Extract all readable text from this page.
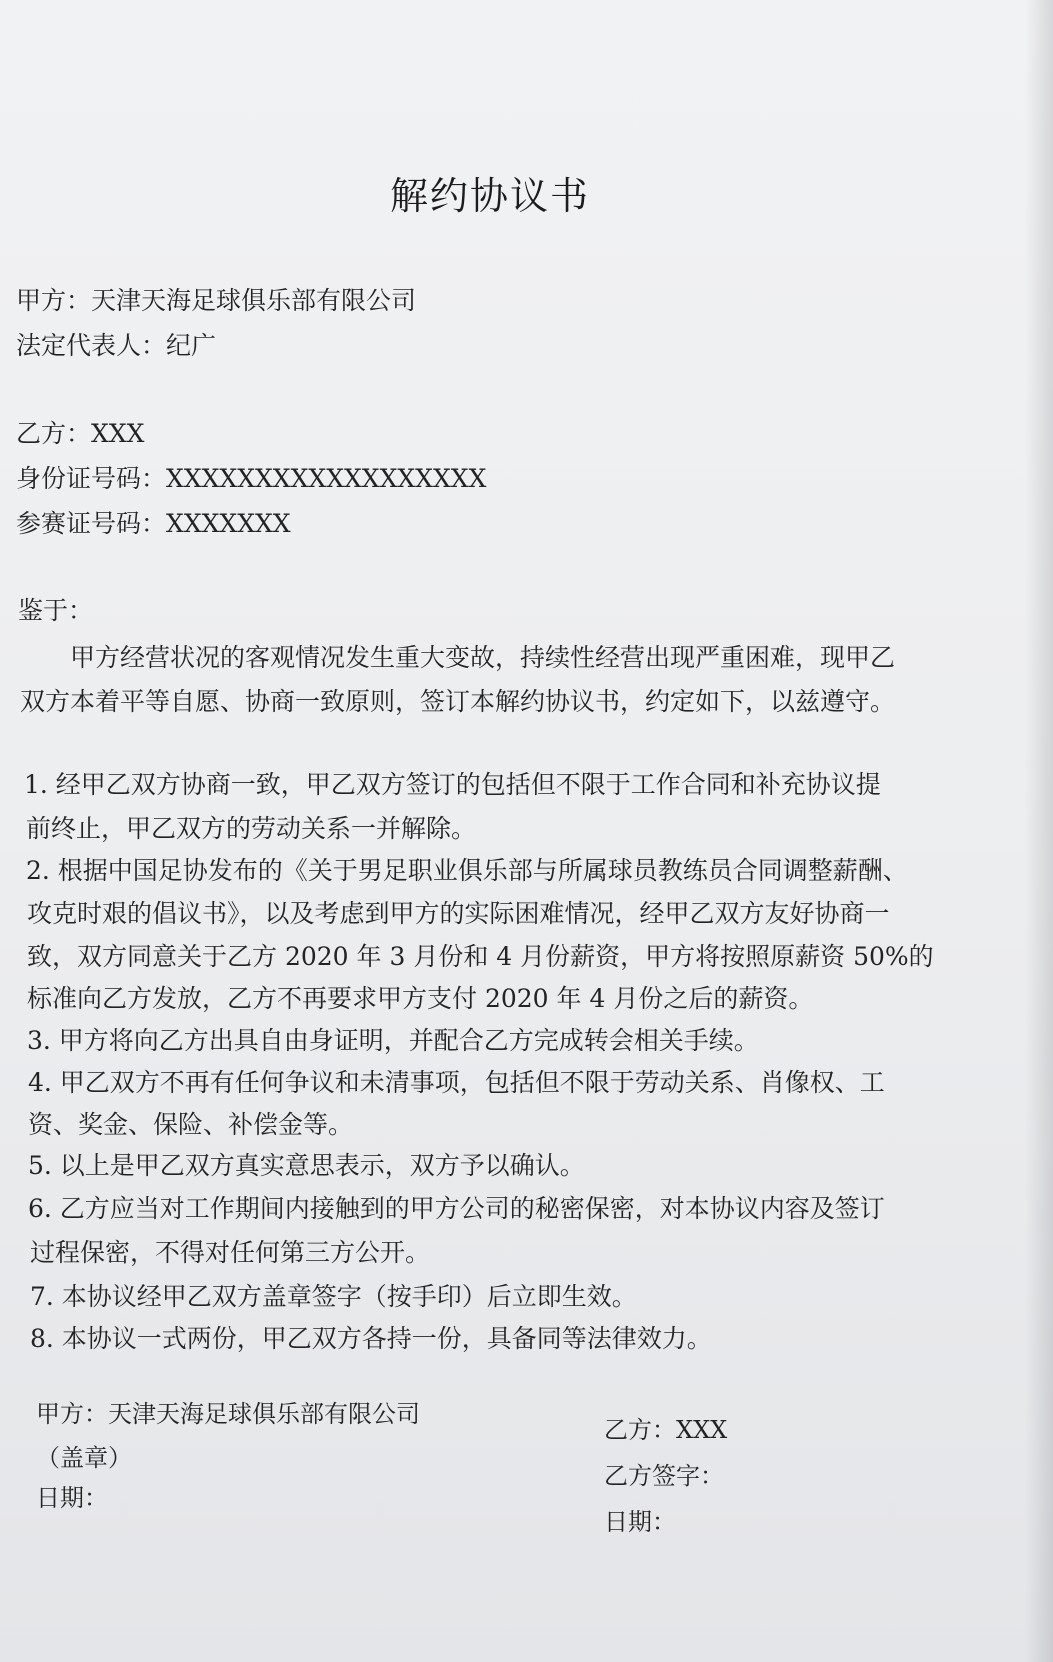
解约协议书
甲方：天津天海足球俱乐部有限公司
法定代表人：纪广
乙方：XXX
身份证号码：XXXXXXXXXXXXXXXXXX
参赛证号码：XXXXXXX
鉴于：
甲方经营状况的客观情况发生重大变故，持续性经营出现严重困难，现甲乙
双方本着平等自愿、协商一致原则，签订本解约协议书，约定如下，以兹遵守。
1. 经甲乙双方协商一致，甲乙双方签订的包括但不限于工作合同和补充协议提
前终止，甲乙双方的劳动关系一并解除。
2. 根据中国足协发布的《关于男足职业俱乐部与所属球员教练员合同调整薪酬、
攻克时艰的倡议书》，以及考虑到甲方的实际困难情况，经甲乙双方友好协商一
致，双方同意关于乙方 2020 年 3 月份和 4 月份薪资，甲方将按照原薪资 50%的
标准向乙方发放，乙方不再要求甲方支付 2020 年 4 月份之后的薪资。
3. 甲方将向乙方出具自由身证明，并配合乙方完成转会相关手续。
4. 甲乙双方不再有任何争议和未清事项，包括但不限于劳动关系、肖像权、工
资、奖金、保险、补偿金等。
5. 以上是甲乙双方真实意思表示，双方予以确认。
6. 乙方应当对工作期间内接触到的甲方公司的秘密保密，对本协议内容及签订
过程保密，不得对任何第三方公开。
7. 本协议经甲乙双方盖章签字（按手印）后立即生效。
8. 本协议一式两份，甲乙双方各持一份，具备同等法律效力。
甲方：天津天海足球俱乐部有限公司
（盖章）
日期：
乙方：XXX
乙方签字：
日期：
